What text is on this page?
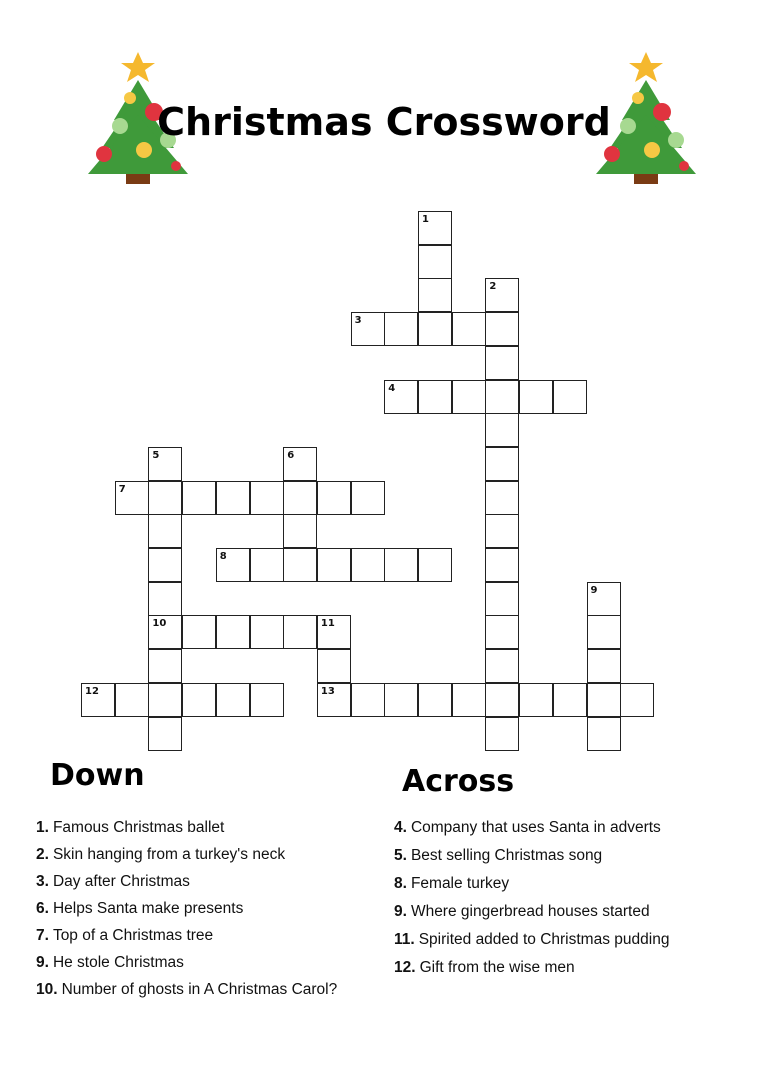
Christmas Crossword
1
2
3
4
5	6
7
8
9
10	11
12	13
Down	Across
1. Famous Christmas ballet
2. Skin hanging from a turkey's neck
3. Day after Christmas
6. Helps Santa make presents
7. Top of a Christmas tree
9. He stole Christmas
10. Number of ghosts in A Christmas Carol?
4. Company that uses Santa in adverts
5. Best selling Christmas song
8. Female turkey
9. Where gingerbread houses started
11. Spirited added to Christmas pudding
12. Gift from the wise men
